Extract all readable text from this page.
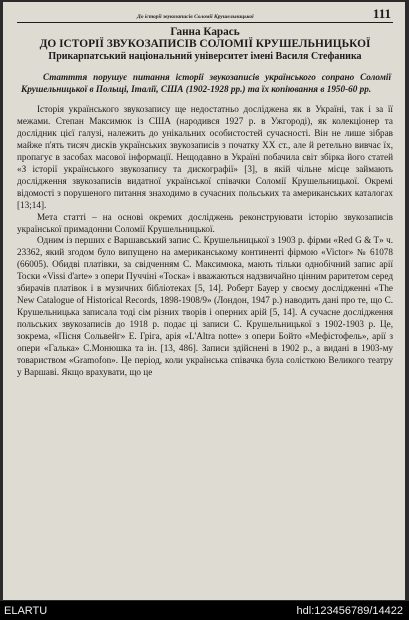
До історії звукозаписів Соломії Крушельницької	111
Ганна Карась
ДО ІСТОРІЇ ЗВУКОЗАПИСІВ СОЛОМІЇ КРУШЕЛЬНИЦЬКОЇ
Прикарпатський національний університет імені Василя Стефаника

Статття порушує питання історії звукозаписів українського сопрано Соломії Крушельницької в Польщі, Італії, США (1902-1928 рр.) та їх копіювання в 1950-60 рр.

Історія українського звукозапису ще недостатньо досліджена як в Україні, так і за її межами. Степан Максимюк із США (народився 1927 р. в Ужгороді), як колекціонер та дослідник цієї галузі, належить до унікальних особистостей сучасності. Він не лише зібрав майже п'ять тисяч дисків українських звукозаписів з початку XX ст., але й ретельно вивчає їх, пропагує в засобах масової інформації. Нещодавно в Україні побачила світ збірка його статей «З історії українського звукозапису та дискографії» [3], в якій чільне місце займають дослідження звукозаписів видатної української співачки Соломії Крушельницької. Окремі відомості з порушеного питання знаходимо в сучасних польських та американських каталогах [13;14].

Мета статті – на основі окремих досліджень реконструювати історію звукозаписів української примадонни Соломії Крушельницької.

Одним із перших є Варшавський запис С. Крушельницької з 1903 р. фірми «Red G & T» ч. 23362, який згодом було випущено на американському континенті фірмою «Victor» № 61078 (66005). Обидві платівки, за свідченням С. Максимюка, мають тільки однобічний запис арії Тоски «Vissi d'arte» з опери Пуччіні «Тоска» і вважаються надзвичайно цінним раритетом серед збирачів платівок і в музичних бібліотеках [5, 14]. Роберт Бауер у своєму дослідженні «The New Catalogue of Historical Records, 1898-1908/9» (Лондон, 1947 р.) наводить дані про те, що С. Крушельницька записала тоді сім різних творів і оперних арій [5, 14]. А сучасне дослідження польських звукозаписів до 1918 р. подає ці записи С. Крушельницької з 1902-1903 р. Це, зокрема, «Пісня Сольвейг» Е. Гріга, арія «L'Altra notte» з опери Бойто «Мефістофель», арії з опери «Галька» С.Монюшка та ін. [13, 486]. Записи здійснені в 1902 р., а видані в 1903-му товариством «Gramofon». Це період, коли українська співачка була солісткою Великого театру у Варшаві. Якщо врахувати, що це

ELARTU	hdl:123456789/14422
